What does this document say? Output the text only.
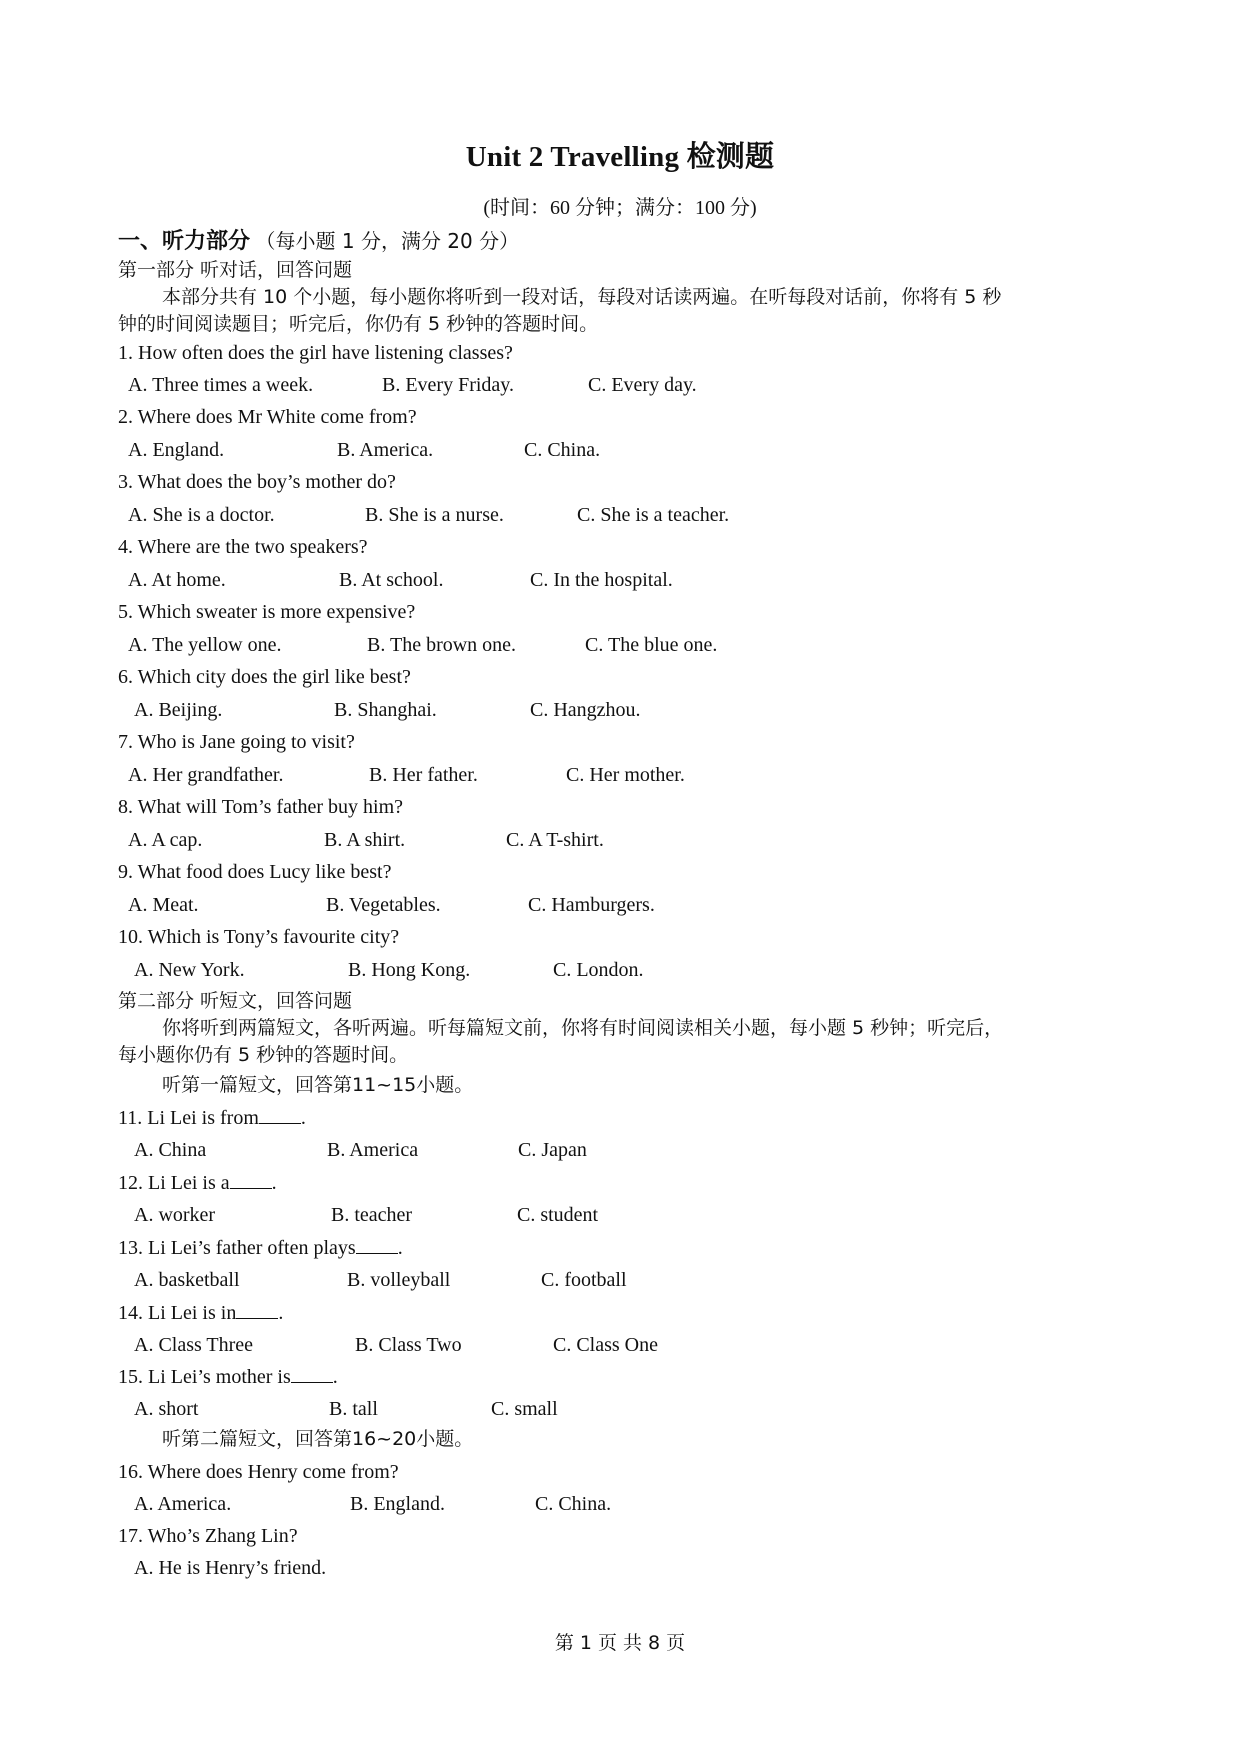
Unit 2 Travelling 检测题
(时间：60 分钟；满分：100 分)
一、听力部分 （每小题 1 分，满分 20 分）
第一部分 听对话，回答问题
本部分共有 10 个小题，每小题你将听到一段对话，每段对话读两遍。在听每段对话前，你将有 5 秒
钟的时间阅读题目；听完后，你仍有 5 秒钟的答题时间。
1. How often does the girl have listening classes?
A. Three times a week.	B. Every Friday.	C. Every day.
2. Where does Mr White come from?
A. England.	B. America.	C. China.
3. What does the boy’s mother do?
A. She is a doctor.	B. She is a nurse.	C. She is a teacher.
4. Where are the two speakers?
A. At home.	B. At school.	C. In the hospital.
5. Which sweater is more expensive?
A. The yellow one.	B. The brown one.	C. The blue one.
6. Which city does the girl like best?
A. Beijing.	B. Shanghai.	C. Hangzhou.
7. Who is Jane going to visit?
A. Her grandfather.	B. Her father.	C. Her mother.
8. What will Tom’s father buy him?
A. A cap.	B. A shirt.	C. A T-shirt.
9. What food does Lucy like best?
A. Meat.	B. Vegetables.	C. Hamburgers.
10. Which is Tony’s favourite city?
A. New York.	B. Hong Kong.	C. London.
第二部分 听短文，回答问题
你将听到两篇短文，各听两遍。听每篇短文前，你将有时间阅读相关小题，每小题 5 秒钟；听完后，
每小题你仍有 5 秒钟的答题时间。
听第一篇短文，回答第11~15小题。
11. Li Lei is from .
A. China	B. America	C. Japan
12. Li Lei is a .
A. worker	B. teacher	C. student
13. Li Lei’s father often plays .
A. basketball	B. volleyball	C. football
14. Li Lei is in .
A. Class Three	B. Class Two	C. Class One
15. Li Lei’s mother is .
A. short	B. tall	C. small
听第二篇短文，回答第16~20小题。
16. Where does Henry come from?
A. America.	B. England.	C. China.
17. Who’s Zhang Lin?
A. He is Henry’s friend.
第 1 页 共 8 页
